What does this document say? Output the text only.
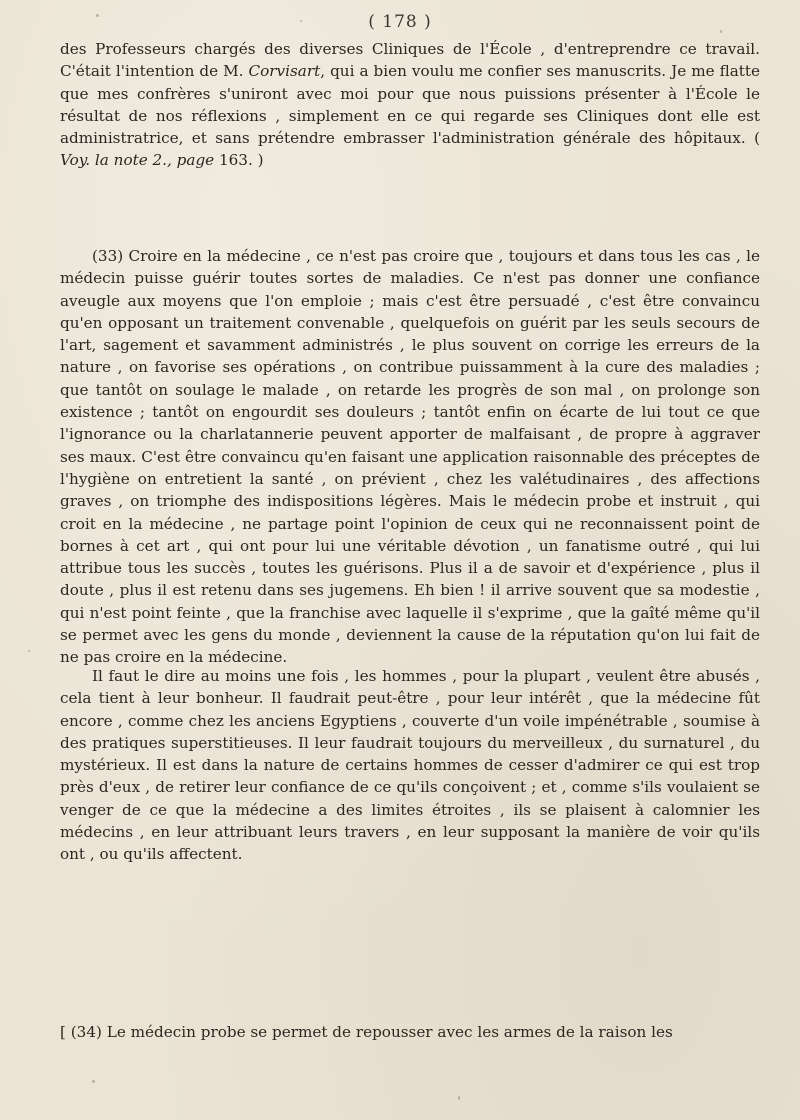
( 178 )

des Professeurs chargés des diverses Cliniques de l'École , d'entreprendre ce travail. C'était l'intention de M. Corvisart, qui a bien voulu me confier ses manuscrits. Je me flatte que mes confrères s'uniront avec moi pour que nous puissions présenter à l'École le résultat de nos réflexions , simplement en ce qui regarde ses Cliniques dont elle est administratrice, et sans prétendre embrasser l'administration générale des hôpitaux. ( Voy. la note 2., page 163. )

(33) Croire en la médecine , ce n'est pas croire que , toujours et dans tous les cas , le médecin puisse guérir toutes sortes de maladies. Ce n'est pas donner une confiance aveugle aux moyens que l'on emploie ; mais c'est être persuadé , c'est être convaincu qu'en opposant un traitement convenable , quelquefois on guérit par les seuls secours de l'art, sagement et savamment administrés , le plus souvent on corrige les erreurs de la nature , on favorise ses opérations , on contribue puissamment à la cure des maladies ; que tantôt on soulage le malade , on retarde les progrès de son mal , on prolonge son existence ; tantôt on engourdit ses douleurs ; tantôt enfin on écarte de lui tout ce que l'ignorance ou la charlatannerie peuvent apporter de malfaisant , de propre à aggraver ses maux. C'est être convaincu qu'en faisant une application raisonnable des préceptes de l'hygiène on entretient la santé , on prévient , chez les valétudinaires , des affections graves , on triomphe des indispositions légères. Mais le médecin probe et instruit , qui croit en la médecine , ne partage point l'opinion de ceux qui ne reconnaissent point de bornes à cet art , qui ont pour lui une véritable dévotion , un fanatisme outré , qui lui attribue tous les succès , toutes les guérisons. Plus il a de savoir et d'expérience , plus il doute , plus il est retenu dans ses jugemens. Eh bien ! il arrive souvent que sa modestie , qui n'est point feinte , que la franchise avec laquelle il s'exprime , que la gaîté même qu'il se permet avec les gens du monde , deviennent la cause de la réputation qu'on lui fait de ne pas croire en la médecine.

Il faut le dire au moins une fois , les hommes , pour la plupart , veulent être abusés , cela tient à leur bonheur. Il faudrait peut-être , pour leur intérêt , que la médecine fût encore , comme chez les anciens Egyptiens , couverte d'un voile impénétrable , soumise à des pratiques superstitieuses. Il leur faudrait toujours du merveilleux , du surnaturel , du mystérieux. Il est dans la nature de certains hommes de cesser d'admirer ce qui est trop près d'eux , de retirer leur confiance de ce qu'ils conçoivent ; et , comme s'ils voulaient se venger de ce que la médecine a des limites étroites , ils se plaisent à calomnier les médecins , en leur attribuant leurs travers , en leur supposant la manière de voir qu'ils ont , ou qu'ils affectent.

[ (34) Le médecin probe se permet de repousser avec les armes de la raison les
